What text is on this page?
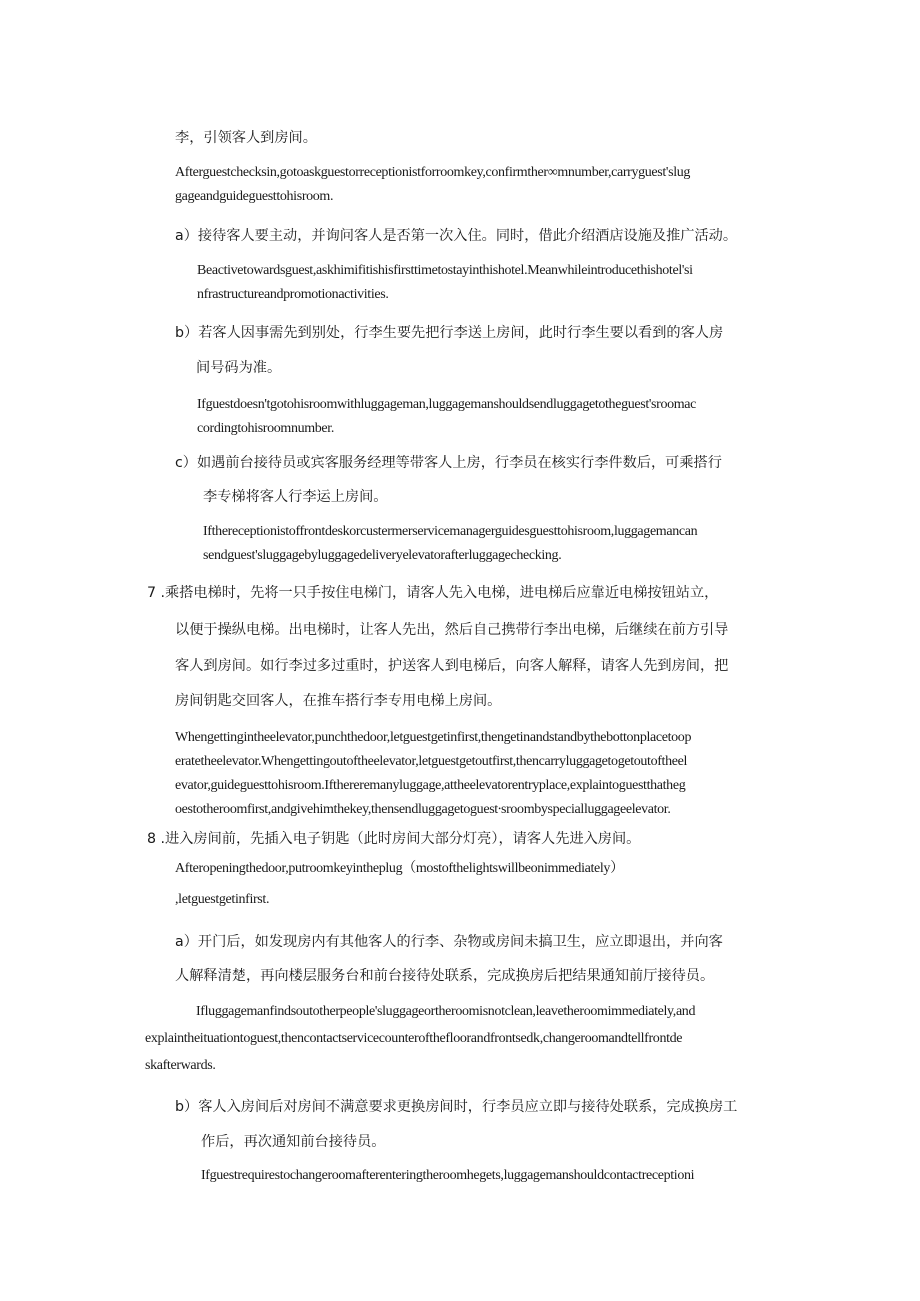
李，引领客人到房间。

Afterguestchecksin,gotoaskguestorreceptionistforroomkey,confirmther∞mnumber,carryguest'slug

gageandguideguesttohisroom.

a）接待客人要主动，并询问客人是否第一次入住。同时，借此介绍酒店设施及推广活动。

Beactivetowardsguest,askhimifitishisfirsttimetostayinthishotel.Meanwhileintroducethishotel'si

nfrastructureandpromotionactivities.

b）若客人因事需先到别处，行李生要先把行李送上房间，此时行李生要以看到的客人房

间号码为准。

Ifguestdoesn'tgotohisroomwithluggageman,luggagemanshouldsendluggagetotheguest'sroomac

cordingtohisroomnumber.

c）如遇前台接待员或宾客服务经理等带客人上房，行李员在核实行李件数后，可乘搭行

李专梯将客人行李运上房间。

Ifthereceptionistoffrontdeskorcustermerservicemanagerguidesguesttohisroom,luggagemancan

sendguest'sluggagebyluggagedeliveryelevatorafterluggagechecking.

7 .乘搭电梯时，先将一只手按住电梯门，请客人先入电梯，进电梯后应靠近电梯按钮站立，

以便于操纵电梯。出电梯时，让客人先出，然后自己携带行李出电梯，后继续在前方引导

客人到房间。如行李过多过重时，护送客人到电梯后，向客人解释，请客人先到房间，把

房间钥匙交回客人，在推车搭行李专用电梯上房间。

Whengettingintheelevator,punchthedoor,letguestgetinfirst,thengetinandstandbythebottonplacetoop

eratetheelevator.Whengettingoutoftheelevator,letguestgetoutfirst,thencarryluggagetogetoutoftheel

evator,guideguesttohisroom.Ifthereremanyluggage,attheelevatorentryplace,explaintoguestthatheg

oestotheroomfirst,andgivehimthekey,thensendluggagetoguest∙sroombyspecialluggageelevator.

8 .进入房间前，先插入电子钥匙（此时房间大部分灯亮），请客人先进入房间。

Afteropeningthedoor,putroomkeyintheplug（mostofthelightswillbeonimmediately）

,letguestgetinfirst.

a）开门后，如发现房内有其他客人的行李、杂物或房间未搞卫生，应立即退出，并向客

人解释清楚，再向楼层服务台和前台接待处联系，完成换房后把结果通知前厅接待员。

Ifluggagemanfindsoutotherpeople'sluggageortheroomisnotclean,leavetheroomimmediately,and

explaintheituationtoguest,thencontactservicecounterofthefloorandfrontsedk,changeroomandtellfrontde

skafterwards.

b）客人入房间后对房间不满意要求更换房间时，行李员应立即与接待处联系，完成换房工

作后，再次通知前台接待员。

Ifguestrequirestochangeroomafterenteringtheroomhegets,luggagemanshouldcontactreceptioni
